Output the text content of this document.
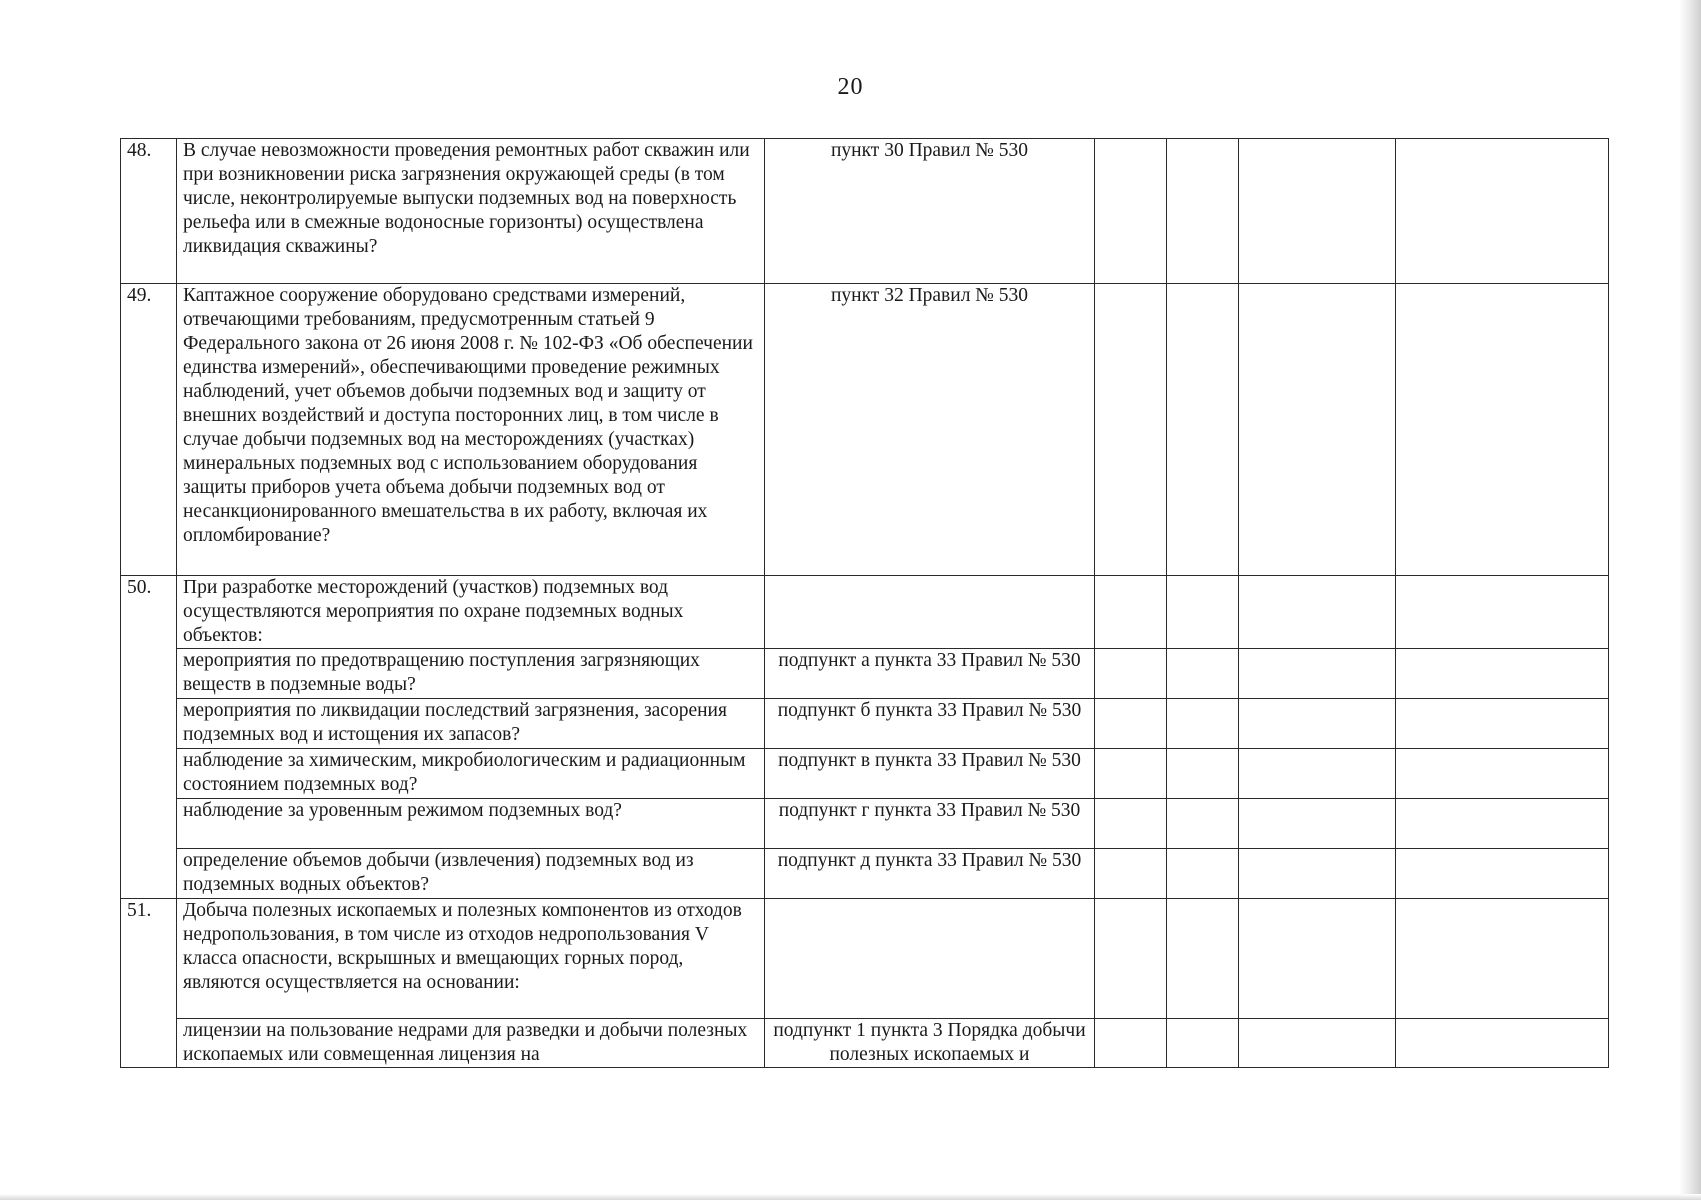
20
48.	В случае невозможности проведения ремонтных работ скважин или при возникновении риска загрязнения окружающей среды (в том числе, неконтролируемые выпуски подземных вод на поверхность рельефа или в смежные водоносные горизонты) осуществлена ликвидация скважины?	пункт 30 Правил № 530				
49.	Каптажное сооружение оборудовано средствами измерений, отвечающими требованиям, предусмотренным статьей 9 Федерального закона от 26 июня 2008 г. № 102-ФЗ «Об обеспечении единства измерений», обеспечивающими проведение режимных наблюдений, учет объемов добычи подземных вод и защиту от внешних воздействий и доступа посторонних лиц, в том числе в случае добычи подземных вод на месторождениях (участках) минеральных подземных вод с использованием оборудования защиты приборов учета объема добычи подземных вод от несанкционированного вмешательства в их работу, включая их опломбирование?	пункт 32 Правил № 530				
50.	При разработке месторождений (участков) подземных вод осуществляются мероприятия по охране подземных водных объектов:					
	мероприятия по предотвращению поступления загрязняющих веществ в подземные воды?	подпункт а пункта 33 Правил № 530				
	мероприятия по ликвидации последствий загрязнения, засорения подземных вод и истощения их запасов?	подпункт б пункта 33 Правил № 530				
	наблюдение за химическим, микробиологическим и радиационным состоянием подземных вод?	подпункт в пункта 33 Правил № 530				
	наблюдение за уровенным режимом подземных вод?	подпункт г пункта 33 Правил № 530				
	определение объемов добычи (извлечения) подземных вод из подземных водных объектов?	подпункт д пункта 33 Правил № 530				
51.	Добыча полезных ископаемых и полезных компонентов из отходов недропользования, в том числе из отходов недропользования V класса опасности, вскрышных и вмещающих горных пород, являются осуществляется на основании:					
	лицензии на пользование недрами для разведки и добычи полезных ископаемых или совмещенная лицензия на	подпункт 1 пункта 3 Порядка добычи полезных ископаемых и				
